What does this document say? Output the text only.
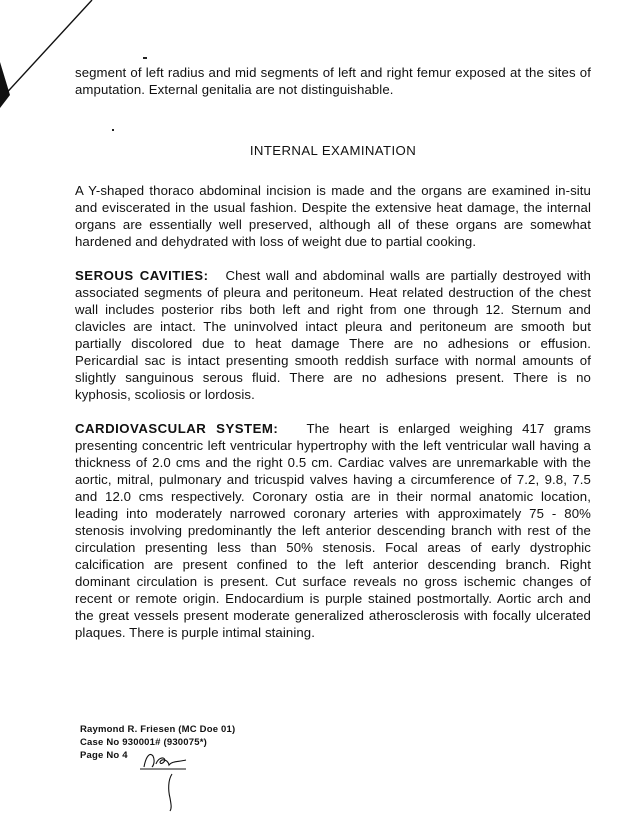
segment of left radius and mid segments of left and right femur exposed at the sites of amputation. External genitalia are not distinguishable.

INTERNAL EXAMINATION

A Y-shaped thoraco abdominal incision is made and the organs are examined in-situ and eviscerated in the usual fashion. Despite the extensive heat damage, the internal organs are essentially well preserved, although all of these organs are somewhat hardened and dehydrated with loss of weight due to partial cooking.

SEROUS CAVITIES: Chest wall and abdominal walls are partially destroyed with associated segments of pleura and peritoneum. Heat related destruction of the chest wall includes posterior ribs both left and right from one through 12. Sternum and clavicles are intact. The uninvolved intact pleura and peritoneum are smooth but partially discolored due to heat damage There are no adhesions or effusion. Pericardial sac is intact presenting smooth reddish surface with normal amounts of slightly sanguinous serous fluid. There are no adhesions present. There is no kyphosis, scoliosis or lordosis.

CARDIOVASCULAR SYSTEM: The heart is enlarged weighing 417 grams presenting concentric left ventricular hypertrophy with the left ventricular wall having a thickness of 2.0 cms and the right 0.5 cm. Cardiac valves are unremarkable with the aortic, mitral, pulmonary and tricuspid valves having a circumference of 7.2, 9.8, 7.5 and 12.0 cms respectively. Coronary ostia are in their normal anatomic location, leading into moderately narrowed coronary arteries with approximately 75 - 80% stenosis involving predominantly the left anterior descending branch with rest of the circulation presenting less than 50% stenosis. Focal areas of early dystrophic calcification are present confined to the left anterior descending branch. Right dominant circulation is present. Cut surface reveals no gross ischemic changes of recent or remote origin. Endocardium is purple stained postmortally. Aortic arch and the great vessels present moderate generalized atherosclerosis with focally ulcerated plaques. There is purple intimal staining.

Raymond R. Friesen (MC Doe 01)
Case No 930001# (930075*)
Page No 4
